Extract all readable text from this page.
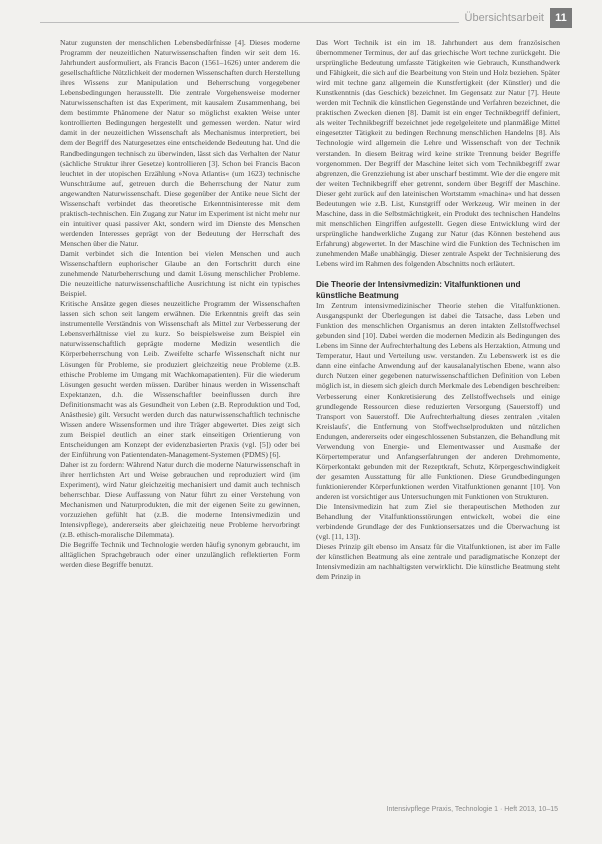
Übersichtsarbeit	11

Natur zugunsten der menschlichen Lebensbedürfnisse [4]. Dieses moderne Programm der neuzeitlichen Naturwissenschaften finden wir seit dem 16. Jahrhundert ausformuliert, als Francis Bacon (1561–1626) unter anderem die gesellschaftliche Nützlichkeit der modernen Wissenschaften durch Herstellung ihres Wissens zur Manipulation und Beherrschung vorgegebener Lebensbedingungen herausstellt. Die zentrale Vorgehensweise moderner Naturwissenschaften ist das Experiment, mit kausalem Zusammenhang, bei dem bestimmte Phänomene der Natur so möglichst exakten Weise unter kontrollierten Bedingungen hergestellt und gemessen werden. Natur wird damit in der neuzeitlichen Wissenschaft als Mechanismus interpretiert, bei dem der Begriff des Naturgesetzes eine entscheidende Bedeutung hat. Und die Randbedingungen technisch zu überwinden, lässt sich das Verhalten der Natur (sächliche Struktur ihrer Gesetze) kontrollieren [3]. Schon bei Francis Bacon leuchtet in der utopischen Erzählung »Nova Atlantis« (um 1623) technische Wunschträume auf, getreuen durch die Beherrschung der Natur zum angewandten Naturwissenschaft. Diese gegenüber der Antike neue Sicht der Wissenschaft verbindet das theoretische Erkenntnisinteresse mit dem praktisch-technischen. Ein Zugang zur Natur im Experiment ist nicht mehr nur ein intuitiver quasi passiver Akt, sondern wird im Dienste des Menschen werdenden Interesses geprägt von der Bedeutung der Herrschaft des Menschen über die Natur.

Damit verbindet sich die Intention bei vielen Menschen und auch Wissenschaftlern euphorischer Glaube an den Fortschritt durch eine zunehmende Naturbeherrschung und damit Lösung menschlicher Probleme. Die neuzeitliche naturwissenschaftliche Ausrichtung ist nicht ein typisches Beispiel.

Kritische Ansätze gegen dieses neuzeitliche Programm der Wissenschaften lassen sich schon seit langem erwähnen. Die Erkenntnis greift das sein instrumentelle Verständnis von Wissenschaft als Mittel zur Verbesserung der Lebensverhältnisse viel zu kurz. So beispielsweise zum Beispiel ein naturwissenschaftlich geprägte moderne Medizin wesentlich die Körperbeherrschung von Leib. Zweifelte scharfe Wissenschaft nicht nur Lösungen für Probleme, sie produziert gleichzeitig neue Probleme (z.B. ethische Probleme im Umgang mit Wachkomapatienten). Für die wiederum Lösungen gesucht werden müssen. Darüber hinaus werden in Wissenschaft Expektanzen, d.h. die Wissenschaftler beeinflussen durch ihre Definitionsmacht was als Gesundheit von Leben (z.B. Reproduktion und Tod, Anästhesie) gilt. Versucht werden durch das naturwissenschaftlich technische Wissen andere Wissensformen und ihre Träger abgewertet. Dies zeigt sich zum Beispiel deutlich an einer stark einseitigen Orientierung von Entscheidungen am Konzept der evidenzbasierten Praxis (vgl. [5]) oder bei der Einführung von Patientendaten-Management-Systemen (PDMS) [6].

Daher ist zu fordern: Während Natur durch die moderne Naturwissenschaft in ihrer herrlichsten Art und Weise gebrauchen und reproduziert wird (im Experiment), wird Natur gleichzeitig mechanisiert und damit auch technisch beherrschbar. Diese Auffassung von Natur führt zu einer Verstehung von Mechanismen und Naturprodukten, die mit der eigenen Seite zu gewinnen, vorzuziehen gefühlt hat (z.B. die moderne Intensivmedizin und Intensivpflege), andererseits aber gleichzeitig neue Probleme hervorbringt (z.B. ethisch-moralische Dilemmata).

Die Begriffe Technik und Technologie werden häufig synonym gebraucht, im alltäglichen Sprachgebrauch oder einer unzulänglich reflektierten Form werden diese Begriffe benutzt.

Das Wort Technik ist ein im 18. Jahrhundert aus dem französischen übernommener Terminus, der auf das griechische Wort techne zurückgeht. Die ursprüngliche Bedeutung umfasste Tätigkeiten wie Gebrauch, Kunsthandwerk und Fähigkeit, die sich auf die Bearbeitung von Stein und Holz beziehen. Später wird mit techne ganz allgemein die Kunstfertigkeit (der Künstler) und die Kunstkenntnis (das Geschick) bezeichnet. Im Gegensatz zur Natur [7]. Heute werden mit Technik die künstlichen Gegenstände und Verfahren bezeichnet, die praktischen Zwecken dienen [8]. Damit ist ein enger Technikbegriff definiert, als weiter Technikbegriff bezeichnet jede regelgeleitete und planmäßige Mittel eingesetzter Tätigkeit zu bedingen Rechnung menschlichen Handelns [8]. Als Technologie wird allgemein die Lehre und Wissenschaft von der Technik verstanden. In diesem Beitrag wird keine strikte Trennung beider Begriffe vorgenommen. Der Begriff der Maschine leitet sich vom Technikbegriff zwar abgrenzen, die Grenzziehung ist aber unscharf bestimmt. Wie der die engere mit der weiten Technikbegriff eher getrennt, sondern über Begriff der Maschine. Dieser geht zurück auf den lateinischen Wortstamm »machina« und hat dessen Bedeutungen wie z.B. List, Kunstgriff oder Werkzeug. Wir meinen in der Maschine, dass in die Selbstmächtigkeit, ein Produkt des technischen Handelns mit menschlichen Eingriffen aufgestellt. Gegen diese Entwicklung wird der ursprüngliche handwerkliche Zugang zur Natur (das Können bestehend aus Erfahrung) abgewertet. In der Maschine wird die Funktion des Technischen im zunehmenden Maße unabhängig. Dieser zentrale Aspekt der Technisierung des Lebens wird im Rahmen des folgenden Abschnitts noch erläutert.

Die Theorie der Intensivmedizin: Vitalfunktionen und künstliche Beatmung

Im Zentrum intensivmedizinischer Theorie stehen die Vitalfunktionen. Ausgangspunkt der Überlegungen ist dabei die Tatsache, dass Leben und Funktion des menschlichen Organismus an deren intakten Zellstoffwechsel gebunden sind [10]. Dabei werden die modernen Medizin als Bedingungen des Lebens im Sinne der Aufrechterhaltung des Lebens als Herzaktion, Atmung und Temperatur, Haut und Verteilung usw. verstanden. Zu Lebenswerk ist es die dann eine einfache Anwendung auf der kausalanalytischen Ebene, wann also durch Nutzen einer gegebenen naturwissenschaftlichen Definition von Leben möglich ist, in diesem sich gleich durch Merkmale des Lebendigen beschreiben: Verbesserung einer Konkretisierung des Zellstoffwechsels und einige grundlegende Ressourcen diese reduzierten Versorgung (Sauerstoff) und Transport von Sauerstoff. Die Aufrechterhaltung dieses zentralen ‚vitalen Kreislaufs', die Entfernung von Stoffwechselprodukten und nützlichen Endungen, andererseits oder eingeschlossenen Substanzen, die Behandlung mit Verwendung von Energie- und Elementwasser und Ausmaße der Körpertemperatur und Anfangserfahrungen der anderen Drehmomente, Körperkontakt gebunden mit der Rezeptkraft, Schutz, Körpergeschwindigkeit der gesamten Ausstattung für alle Funktionen. Diese Grundbedingungen funktionierender Körperfunktionen werden Vitalfunktionen genannt [10]. Von anderen ist vorsichtiger aus Untersuchungen mit Funktionen von Strukturen.

Die Intensivmedizin hat zum Ziel sie therapeutischen Methoden zur Behandlung der Vitalfunktionsstörungen entwickelt, wobei die eine verbindende Grundlage der des Funktionsersatzes und die Überwachung ist (vgl. [11, 13]).

Dieses Prinzip gilt ebenso im Ansatz für die Vitalfunktionen, ist aber im Falle der künstlichen Beatmung als eine zentrale und paradigmatische Konzept der Intensivmedizin am nachhaltigsten verwirklicht. Die künstliche Beatmung steht dem Prinzip in

Intensivpflege Praxis, Technologie 1 · Heft 2013, 10–15
